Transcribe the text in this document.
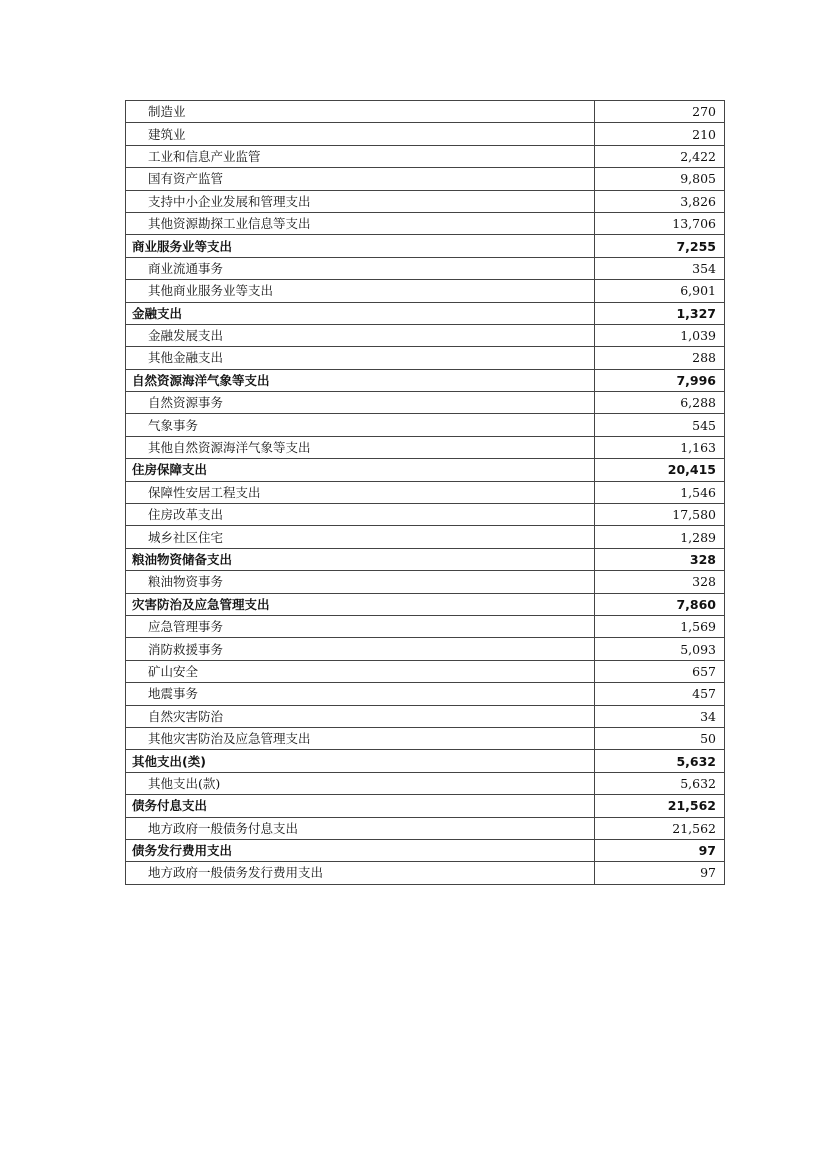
制造业	270
建筑业	210
工业和信息产业监管	2,422
国有资产监管	9,805
支持中小企业发展和管理支出	3,826
其他资源勘探工业信息等支出	13,706
商业服务业等支出	7,255
商业流通事务	354
其他商业服务业等支出	6,901
金融支出	1,327
金融发展支出	1,039
其他金融支出	288
自然资源海洋气象等支出	7,996
自然资源事务	6,288
气象事务	545
其他自然资源海洋气象等支出	1,163
住房保障支出	20,415
保障性安居工程支出	1,546
住房改革支出	17,580
城乡社区住宅	1,289
粮油物资储备支出	328
粮油物资事务	328
灾害防治及应急管理支出	7,860
应急管理事务	1,569
消防救援事务	5,093
矿山安全	657
地震事务	457
自然灾害防治	34
其他灾害防治及应急管理支出	50
其他支出(类)	5,632
其他支出(款)	5,632
债务付息支出	21,562
地方政府一般债务付息支出	21,562
债务发行费用支出	97
地方政府一般债务发行费用支出	97
